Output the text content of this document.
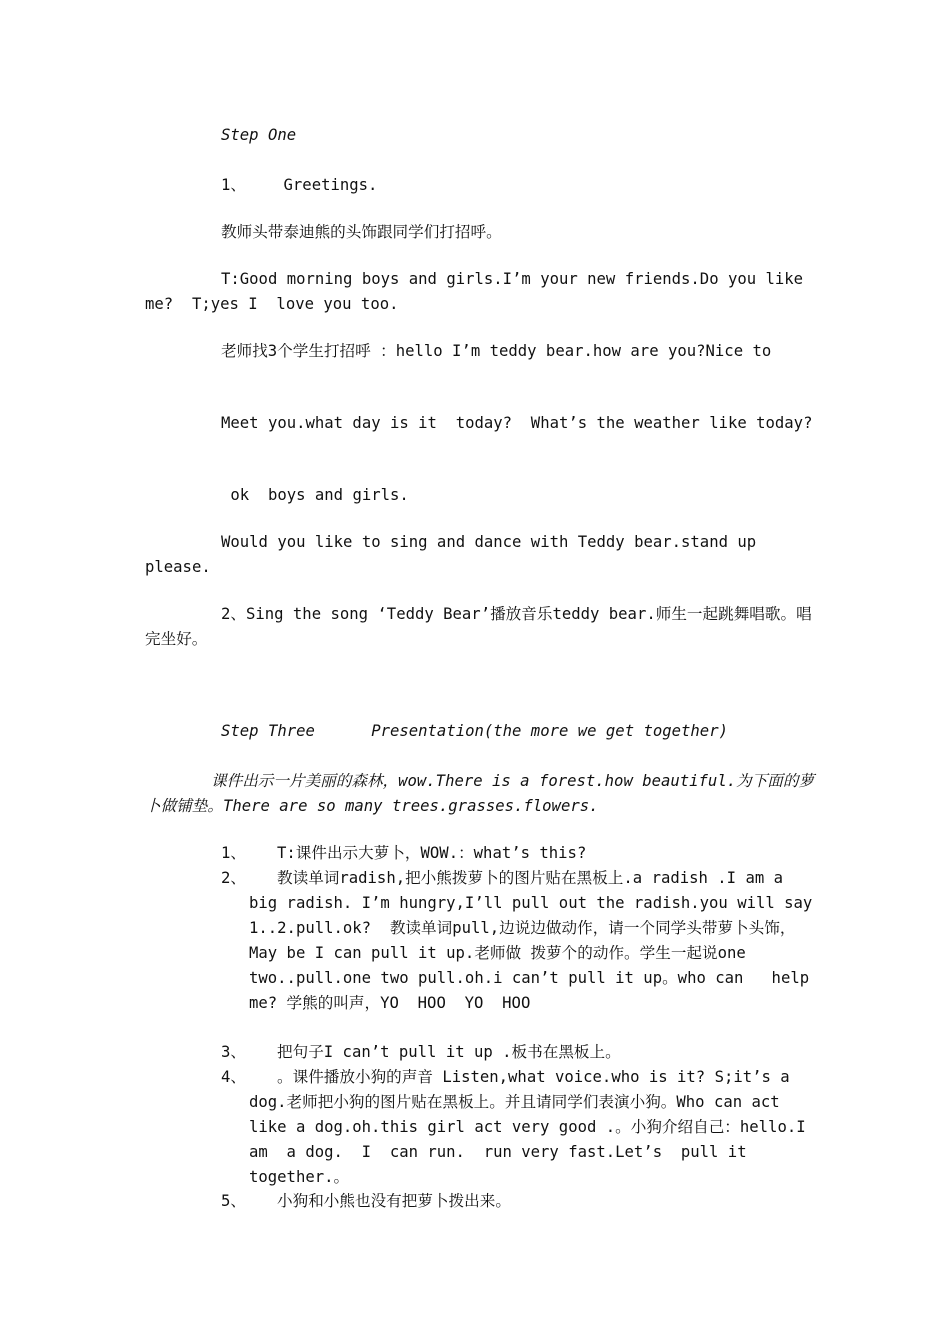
Step One

1、    Greetings.

教师头带泰迪熊的头饰跟同学们打招呼。

T:Good morning boys and girls.I’m your new friends.Do you like  me?  T;yes I  love you too.

老师找3个学生打招呼 ：hello I’m teddy bear.how are you?Nice to

Meet you.what day is it  today?  What’s the weather like today?

ok  boys and girls.

Would you like to sing and dance with Teddy bear.stand up please.

2、Sing the song ‘Teddy Bear’播放音乐teddy bear.师生一起跳舞唱歌。唱完坐好。

Step Three      Presentation(the more we get together)

课件出示一片美丽的森林，wow.There is a forest.how beautiful.为下面的萝卜做铺垫。There are so many trees.grasses.flowers.

1、	T:课件出示大萝卜，WOW.：what’s this?
2、	教读单词radish,把小熊拨萝卜的图片贴在黑板上.a radish .I am a  big radish. I’m hungry,I’ll pull out the radish.you will say 1..2.pull.ok?  教读单词pull,边说边做动作，请一个同学头带萝卜头饰， May be I can pull it up.老师做 拨萝个的动作。学生一起说one two..pull.one two pull.oh.i can’t pull it up。who can   help me? 学熊的叫声，YO  HOO  YO  HOO
3、	把句子I can’t pull it up .板书在黑板上。
4、	。课件播放小狗的声音 Listen,what voice.who is it? S;it’s a dog.老师把小狗的图片贴在黑板上。并且请同学们表演小狗。Who can act like a dog.oh.this girl act very good .。小狗介绍自己：hello.I  am  a dog.  I  can run.  run very fast.Let’s  pull it together.。
5、	小狗和小熊也没有把萝卜拨出来。
